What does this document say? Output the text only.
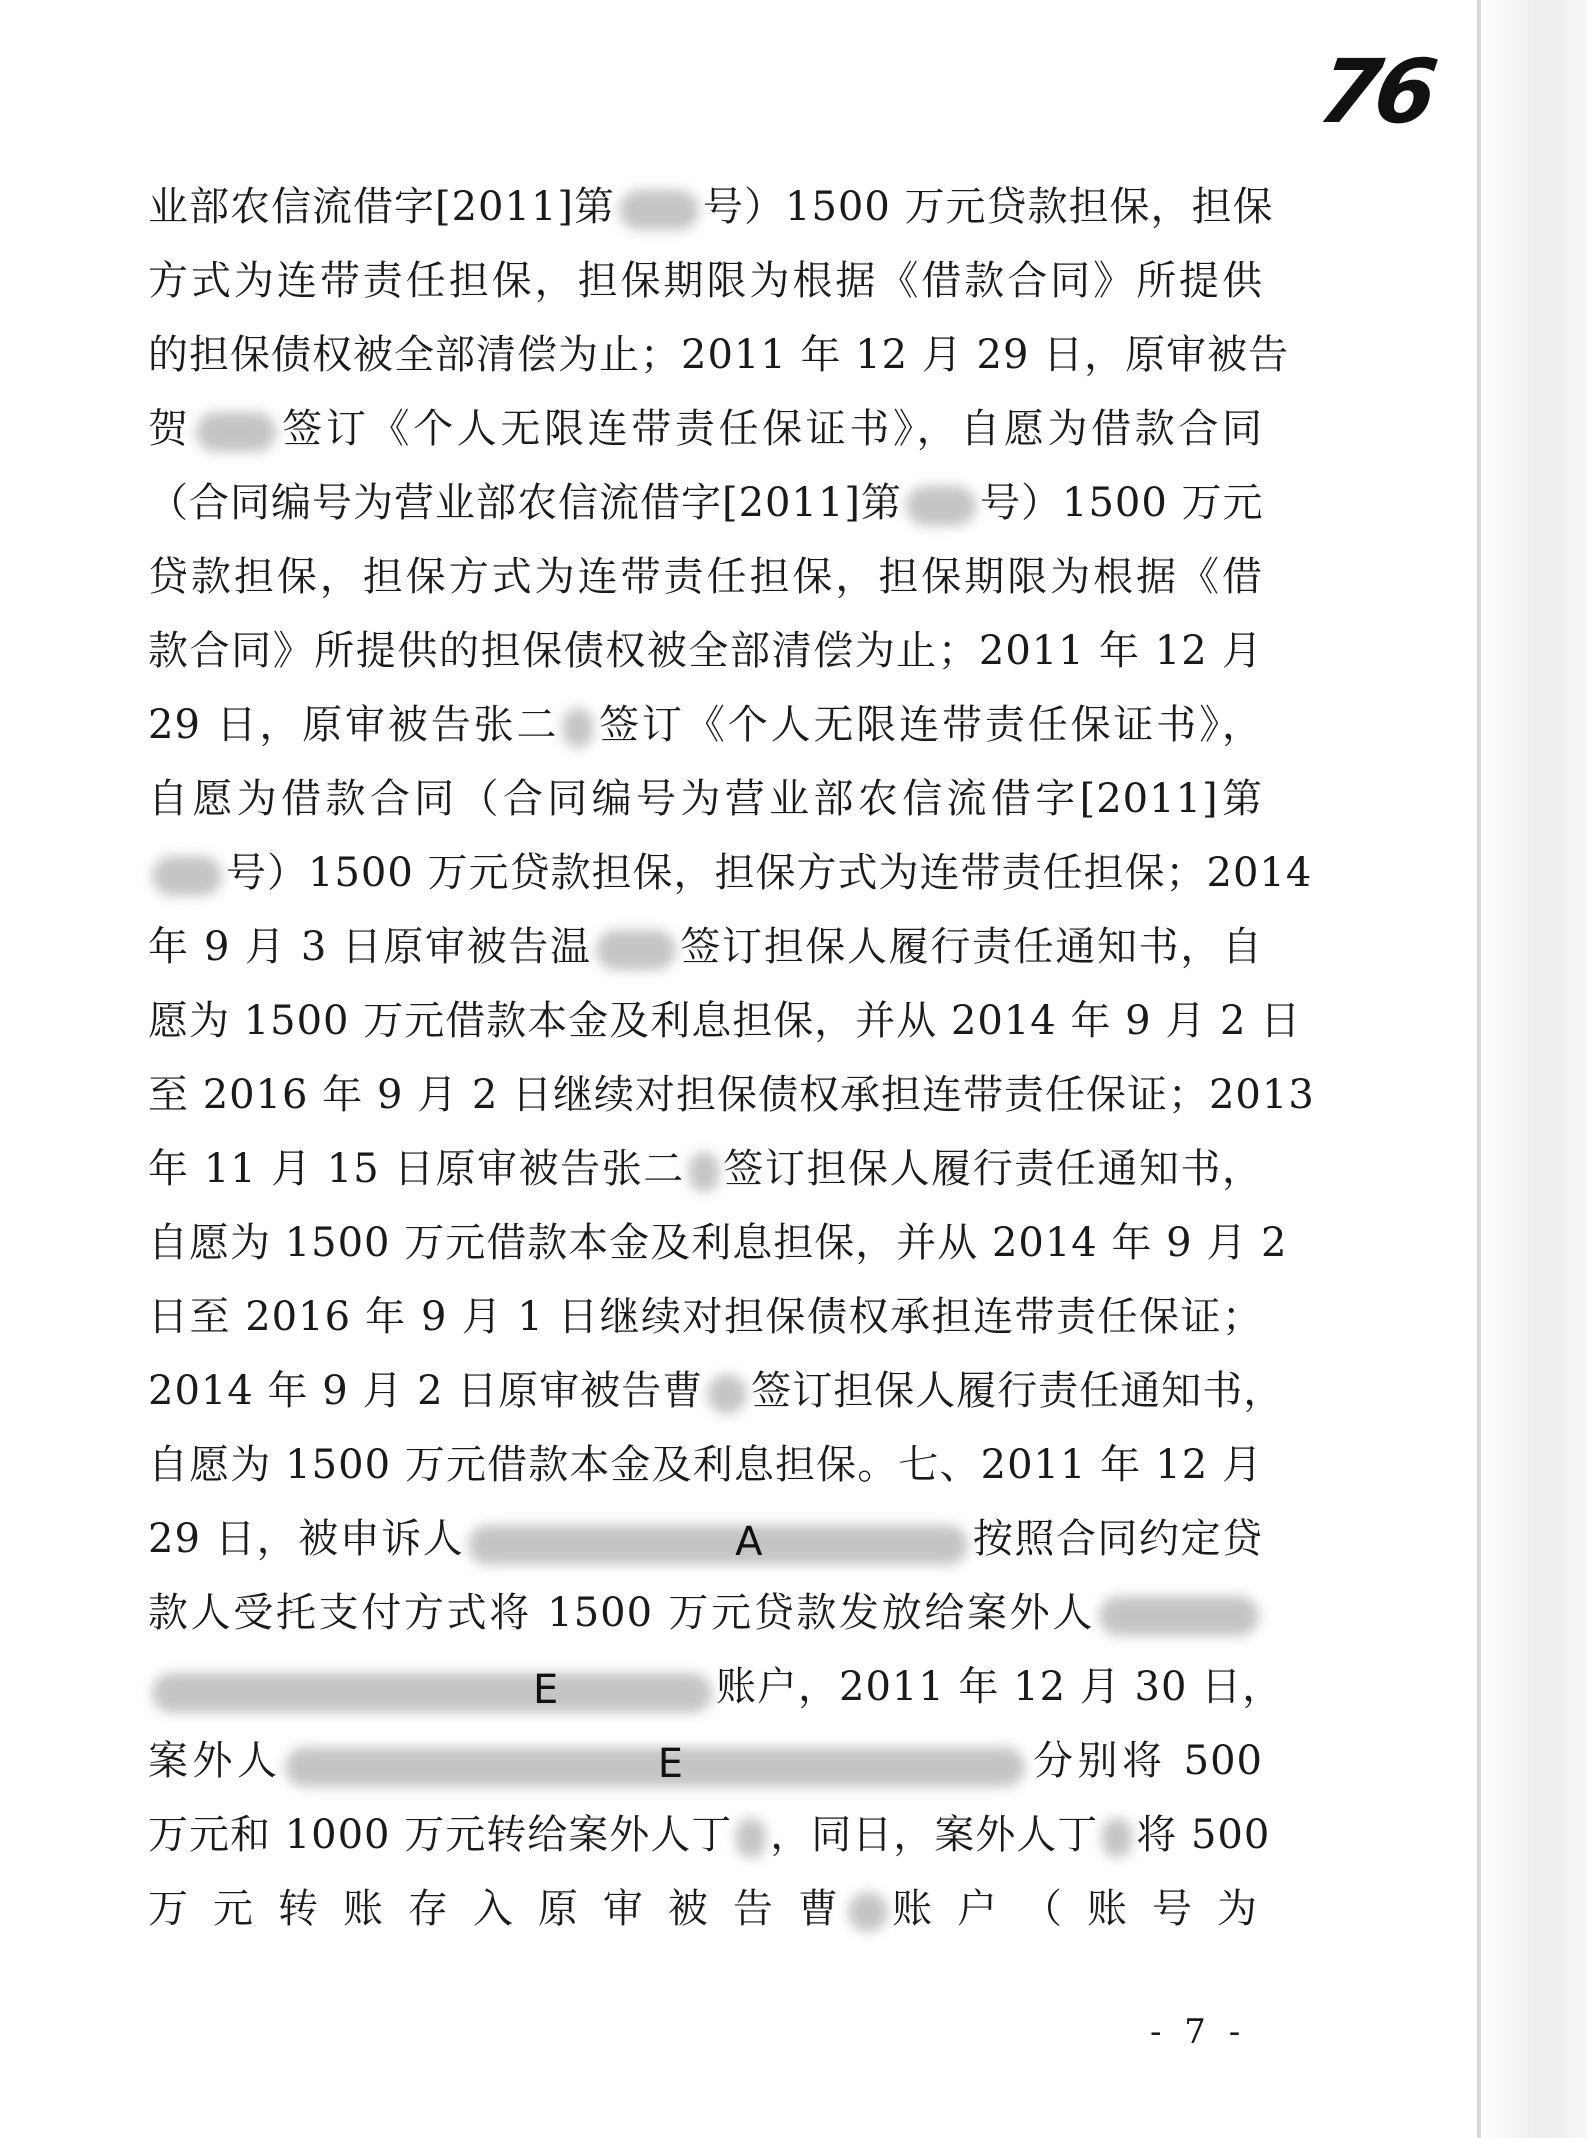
76
业部农信流借字[2011]第 号）1500 万元贷款担保，担保
方式为连带责任担保，担保期限为根据《借款合同》所提供
的担保债权被全部清偿为止；2011 年 12 月 29 日，原审被告
贺 签订《个人无限连带责任保证书》，自愿为借款合同
（合同编号为营业部农信流借字[2011]第 号）1500 万元
贷款担保，担保方式为连带责任担保，担保期限为根据《借
款合同》所提供的担保债权被全部清偿为止；2011 年 12 月
29 日，原审被告张二 签订《个人无限连带责任保证书》，
自愿为借款合同（合同编号为营业部农信流借字[2011]第
号）1500 万元贷款担保，担保方式为连带责任担保；2014
年 9 月 3 日原审被告温 签订担保人履行责任通知书，自
愿为 1500 万元借款本金及利息担保，并从 2014 年 9 月 2 日
至 2016 年 9 月 2 日继续对担保债权承担连带责任保证；2013
年 11 月 15 日原审被告张二 签订担保人履行责任通知书，
自愿为 1500 万元借款本金及利息担保，并从 2014 年 9 月 2
日至 2016 年 9 月 1 日继续对担保债权承担连带责任保证；
2014 年 9 月 2 日原审被告曹 签订担保人履行责任通知书，
自愿为 1500 万元借款本金及利息担保。七、2011 年 12 月
29 日，被申诉人	A	按照合同约定贷
款人受托支付方式将 1500 万元贷款发放给案外人
E	账户，2011 年 12 月 30 日，
案外人	E	分别将 500
万元和 1000 万元转给案外人丁 ，同日，案外人丁 将 500
万 元 转 账 存 入 原 审 被 告 曹 账 户 （ 账 号 为
- 7 -
